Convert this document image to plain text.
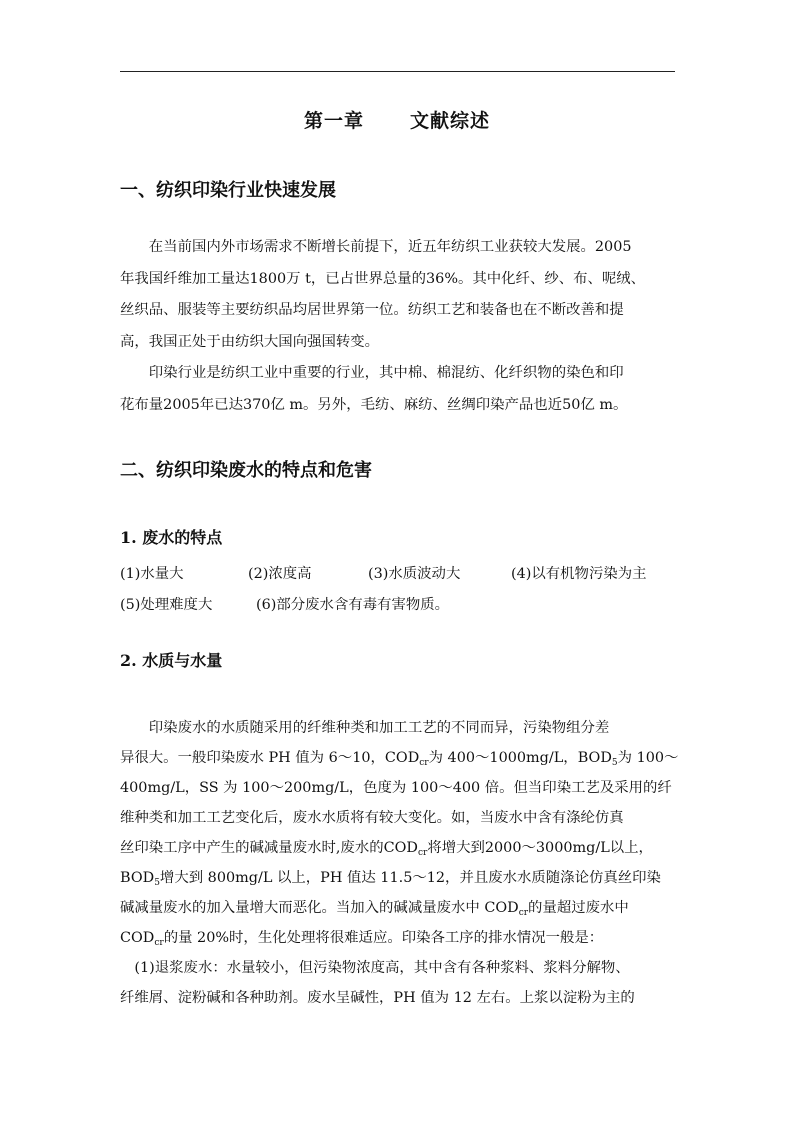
第一章 文献综述
一、纺织印染行业快速发展
　　在当前国内外市场需求不断增长前提下，近五年纺织工业获较大发展。2005
年我国纤维加工量达1800万 t，已占世界总量的36%。其中化纤、纱、布、呢绒、
丝织品、服装等主要纺织品均居世界第一位。纺织工艺和装备也在不断改善和提
高，我国正处于由纺织大国向强国转变。
　　印染行业是纺织工业中重要的行业，其中棉、棉混纺、化纤织物的染色和印
花布量2005年已达370亿 m。另外，毛纺、麻纺、丝绸印染产品也近50亿 m。
二、纺织印染废水的特点和危害
1. 废水的特点
(1)水量大	(2)浓度高	(3)水质波动大	(4)以有机物污染为主
(5)处理难度大	(6)部分废水含有毒有害物质。
2. 水质与水量
　　印染废水的水质随采用的纤维种类和加工工艺的不同而异，污染物组分差
异很大。一般印染废水 PH 值为 6～10，$COD_{cr}$为 400～1000mg/L，$BOD_5$为 100～
400mg/L，SS 为 100～200mg/L，色度为 100～400 倍。但当印染工艺及采用的纤
维种类和加工工艺变化后，废水水质将有较大变化。如，当废水中含有涤纶仿真
丝印染工序中产生的碱减量废水时,废水的$COD_{cr}$将增大到2000～3000mg/L以上，
$BOD_5$增大到 800mg/L 以上，PH 值达 11.5～12，并且废水水质随涤论仿真丝印染
碱减量废水的加入量增大而恶化。当加入的碱减量废水中 $COD_{cr}$的量超过废水中
$COD_{cr}$的量 20%时，生化处理将很难适应。印染各工序的排水情况一般是：
　(1)退浆废水：水量较小，但污染物浓度高，其中含有各种浆料、浆料分解物、
纤维屑、淀粉碱和各种助剂。废水呈碱性，PH 值为 12 左右。上浆以淀粉为主的
